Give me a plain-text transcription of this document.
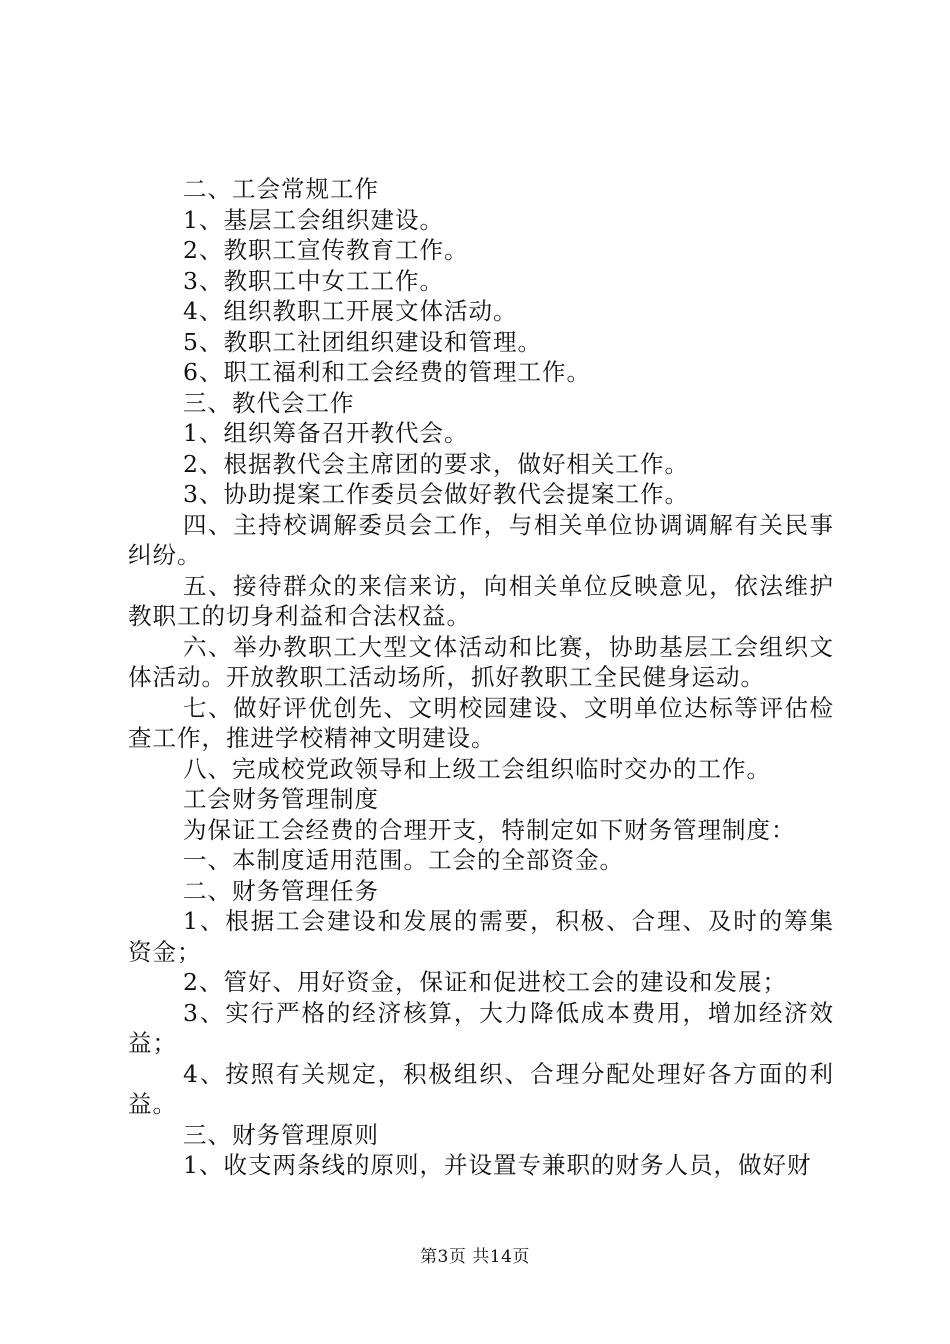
二、工会常规工作

1、基层工会组织建设。

2、教职工宣传教育工作。

3、教职工中女工工作。

4、组织教职工开展文体活动。

5、教职工社团组织建设和管理。

6、职工福利和工会经费的管理工作。

三、教代会工作

1、组织筹备召开教代会。

2、根据教代会主席团的要求，做好相关工作。

3、协助提案工作委员会做好教代会提案工作。

四、主持校调解委员会工作，与相关单位协调调解有关民事纠纷。

五、接待群众的来信来访，向相关单位反映意见，依法维护教职工的切身利益和合法权益。

六、举办教职工大型文体活动和比赛，协助基层工会组织文体活动。开放教职工活动场所，抓好教职工全民健身运动。

七、做好评优创先、文明校园建设、文明单位达标等评估检查工作，推进学校精神文明建设。

八、完成校党政领导和上级工会组织临时交办的工作。

工会财务管理制度

为保证工会经费的合理开支，特制定如下财务管理制度：

一、本制度适用范围。工会的全部资金。

二、财务管理任务

1、根据工会建设和发展的需要，积极、合理、及时的筹集资金；

2、管好、用好资金，保证和促进校工会的建设和发展；

3、实行严格的经济核算，大力降低成本费用，增加经济效益；

4、按照有关规定，积极组织、合理分配处理好各方面的利益。

三、财务管理原则

1、收支两条线的原则，并设置专兼职的财务人员，做好财

第3页 共14页
